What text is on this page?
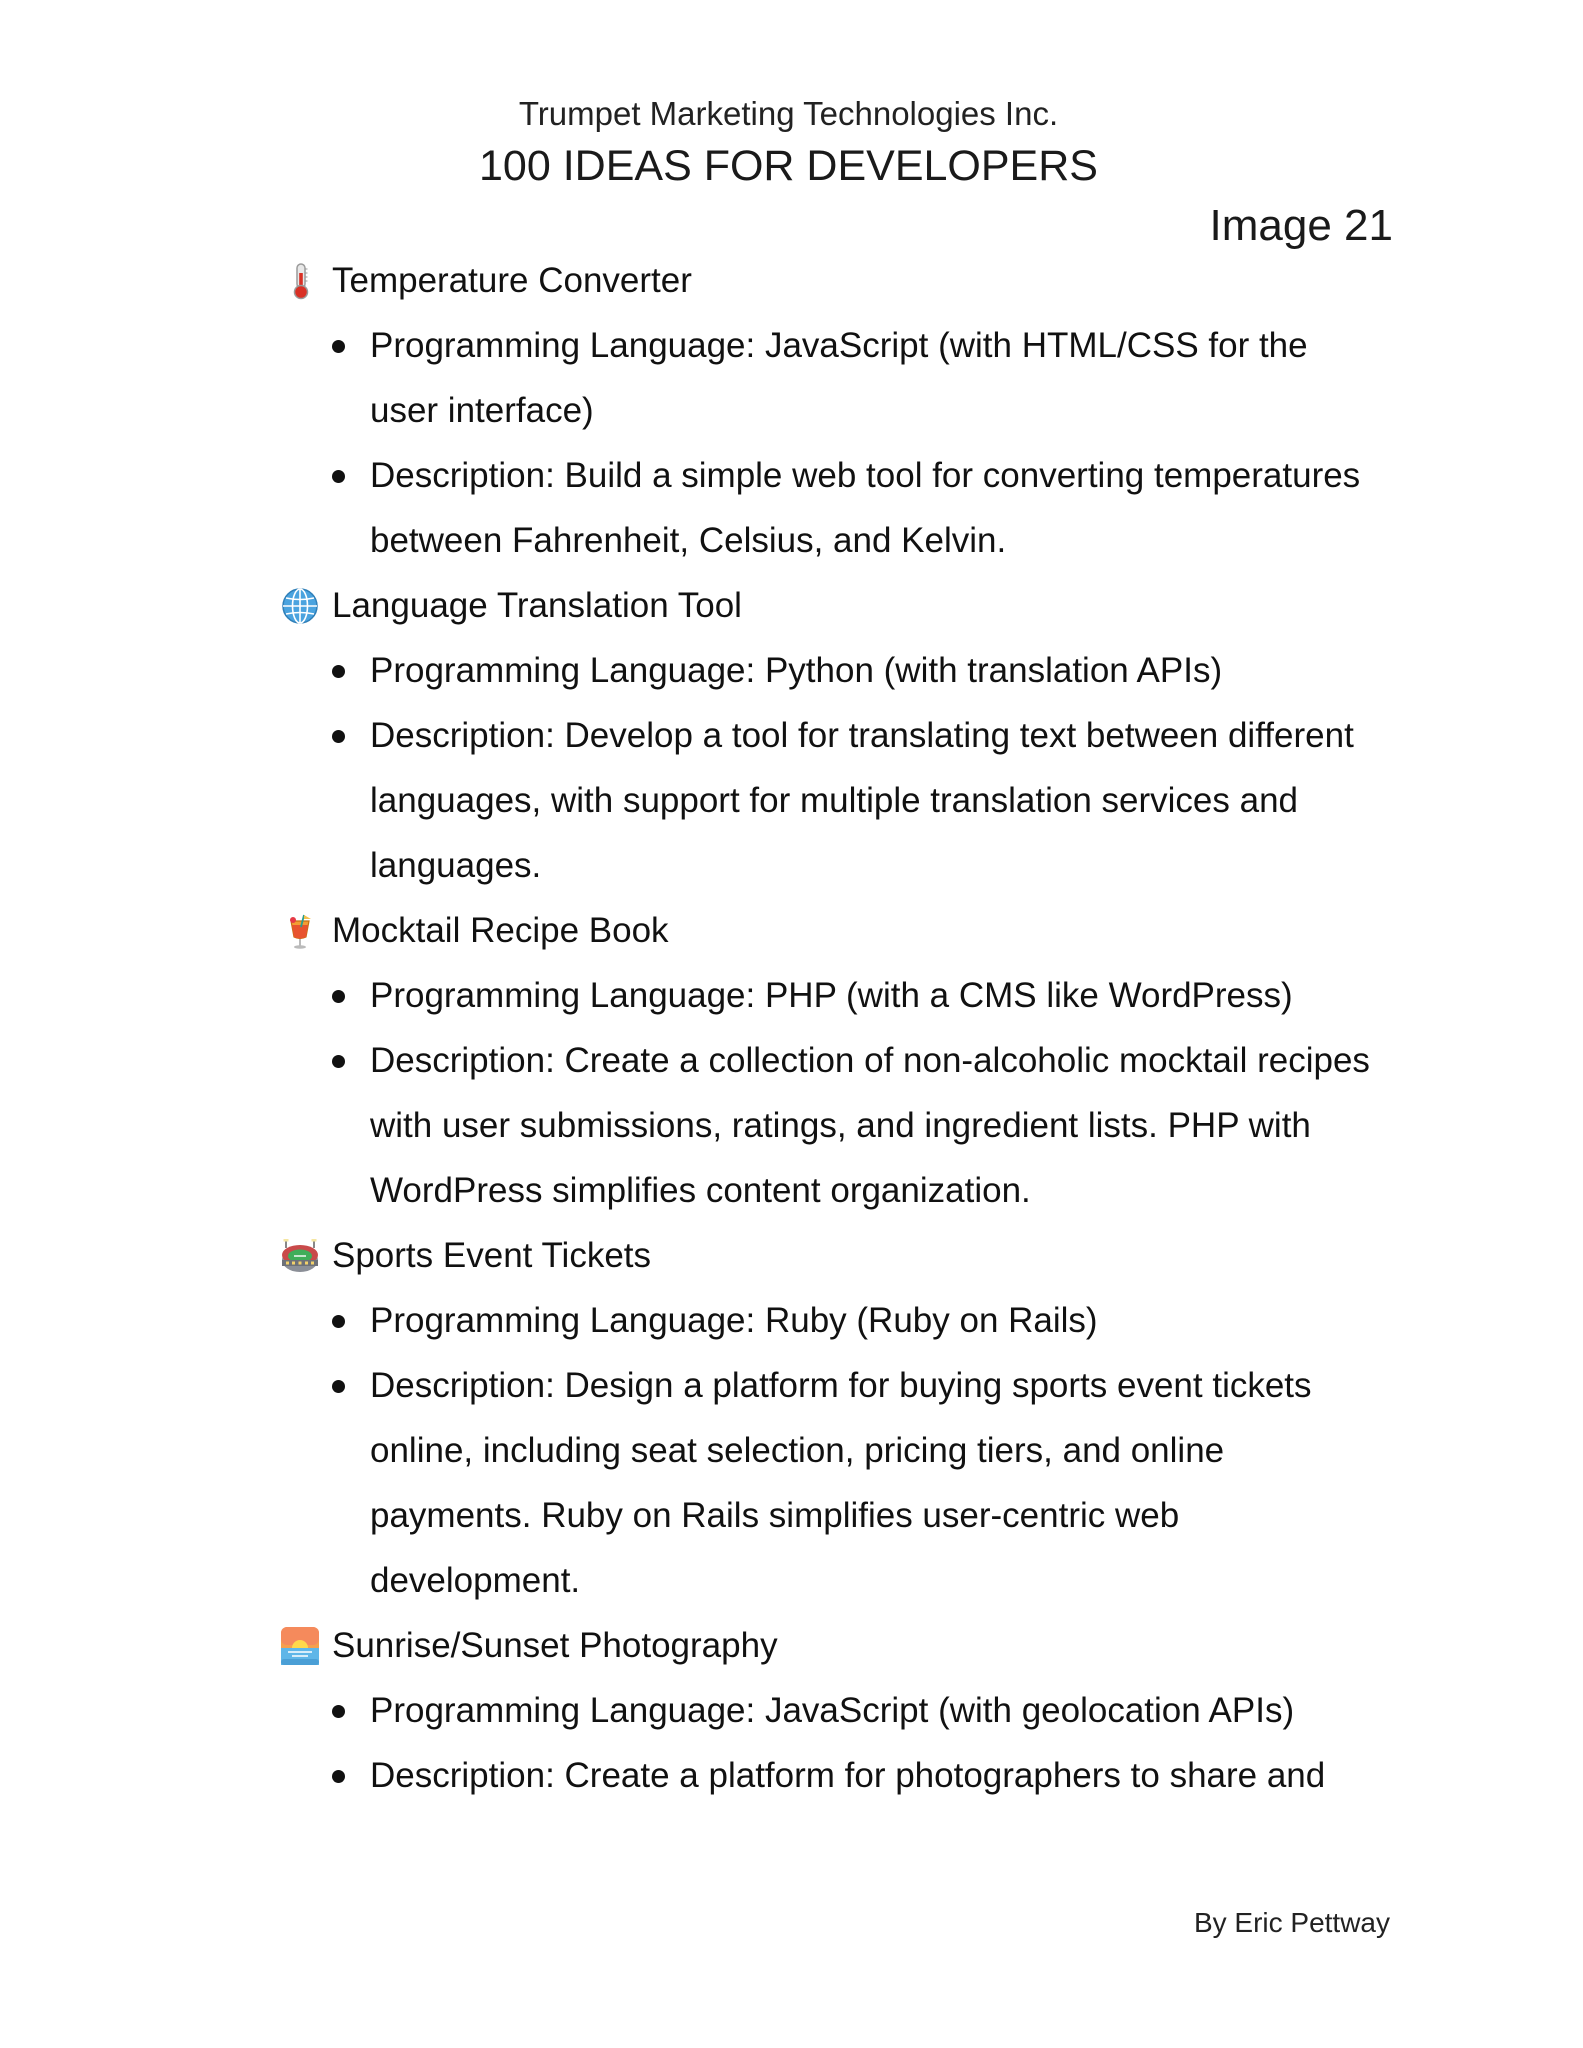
Trumpet Marketing Technologies Inc.
100 IDEAS FOR DEVELOPERS
Image 21
Temperature Converter
Programming Language: JavaScript (with HTML/CSS for the user interface)
Description: Build a simple web tool for converting temperatures between Fahrenheit, Celsius, and Kelvin.
Language Translation Tool
Programming Language: Python (with translation APIs)
Description: Develop a tool for translating text between different languages, with support for multiple translation services and languages.
Mocktail Recipe Book
Programming Language: PHP (with a CMS like WordPress)
Description: Create a collection of non-alcoholic mocktail recipes with user submissions, ratings, and ingredient lists. PHP with WordPress simplifies content organization.
Sports Event Tickets
Programming Language: Ruby (Ruby on Rails)
Description: Design a platform for buying sports event tickets online, including seat selection, pricing tiers, and online payments. Ruby on Rails simplifies user-centric web development.
Sunrise/Sunset Photography
Programming Language: JavaScript (with geolocation APIs)
Description: Create a platform for photographers to share and
By Eric Pettway
